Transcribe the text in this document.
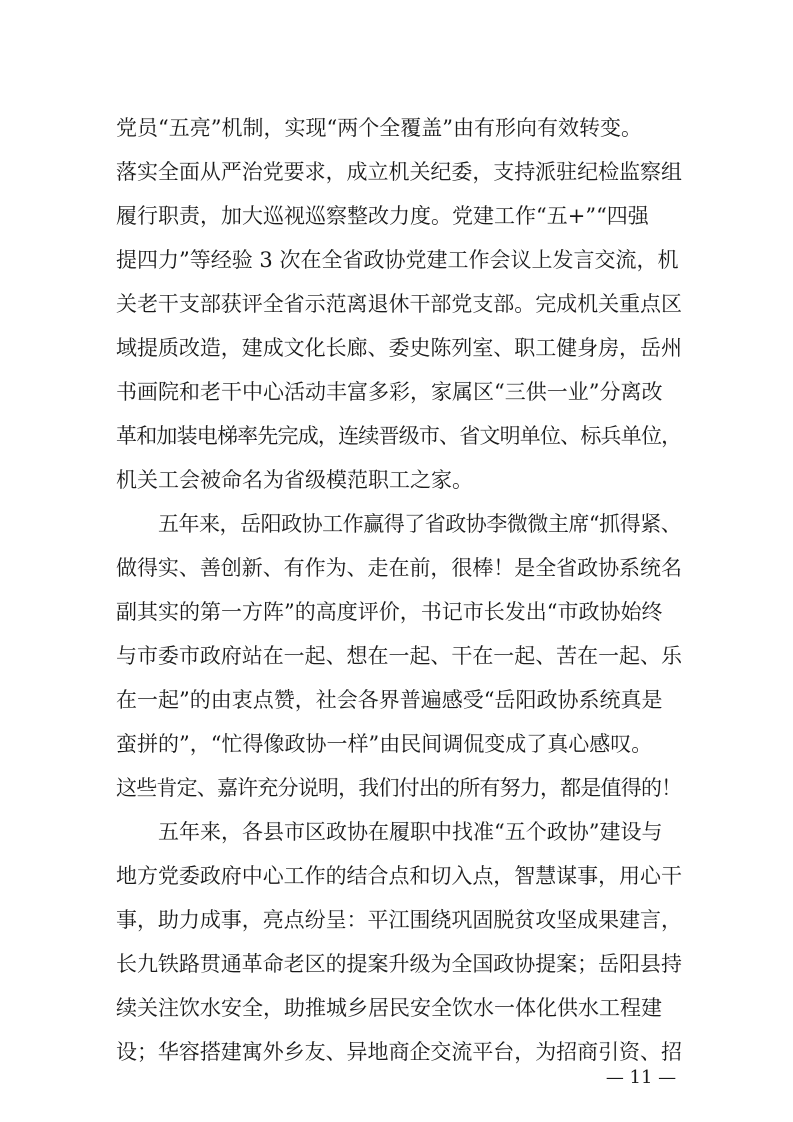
党员“五亮”机制，实现“两个全覆盖”由有形向有效转变。
落实全面从严治党要求，成立机关纪委，支持派驻纪检监察组
履行职责，加大巡视巡察整改力度。党建工作“五+”“四强
提四力”等经验 3 次在全省政协党建工作会议上发言交流，机
关老干支部获评全省示范离退休干部党支部。完成机关重点区
域提质改造，建成文化长廊、委史陈列室、职工健身房，岳州
书画院和老干中心活动丰富多彩，家属区“三供一业”分离改
革和加装电梯率先完成，连续晋级市、省文明单位、标兵单位，
机关工会被命名为省级模范职工之家。
五年来，岳阳政协工作赢得了省政协李微微主席“抓得紧、
做得实、善创新、有作为、走在前，很棒！是全省政协系统名
副其实的第一方阵”的高度评价，书记市长发出“市政协始终
与市委市政府站在一起、想在一起、干在一起、苦在一起、乐
在一起”的由衷点赞，社会各界普遍感受“岳阳政协系统真是
蛮拼的”，“忙得像政协一样”由民间调侃变成了真心感叹。
这些肯定、嘉许充分说明，我们付出的所有努力，都是值得的！
五年来，各县市区政协在履职中找准“五个政协”建设与
地方党委政府中心工作的结合点和切入点，智慧谋事，用心干
事，助力成事，亮点纷呈：平江围绕巩固脱贫攻坚成果建言，
长九铁路贯通革命老区的提案升级为全国政协提案；岳阳县持
续关注饮水安全，助推城乡居民安全饮水一体化供水工程建
设；华容搭建寓外乡友、异地商企交流平台，为招商引资、招
— 11 —
